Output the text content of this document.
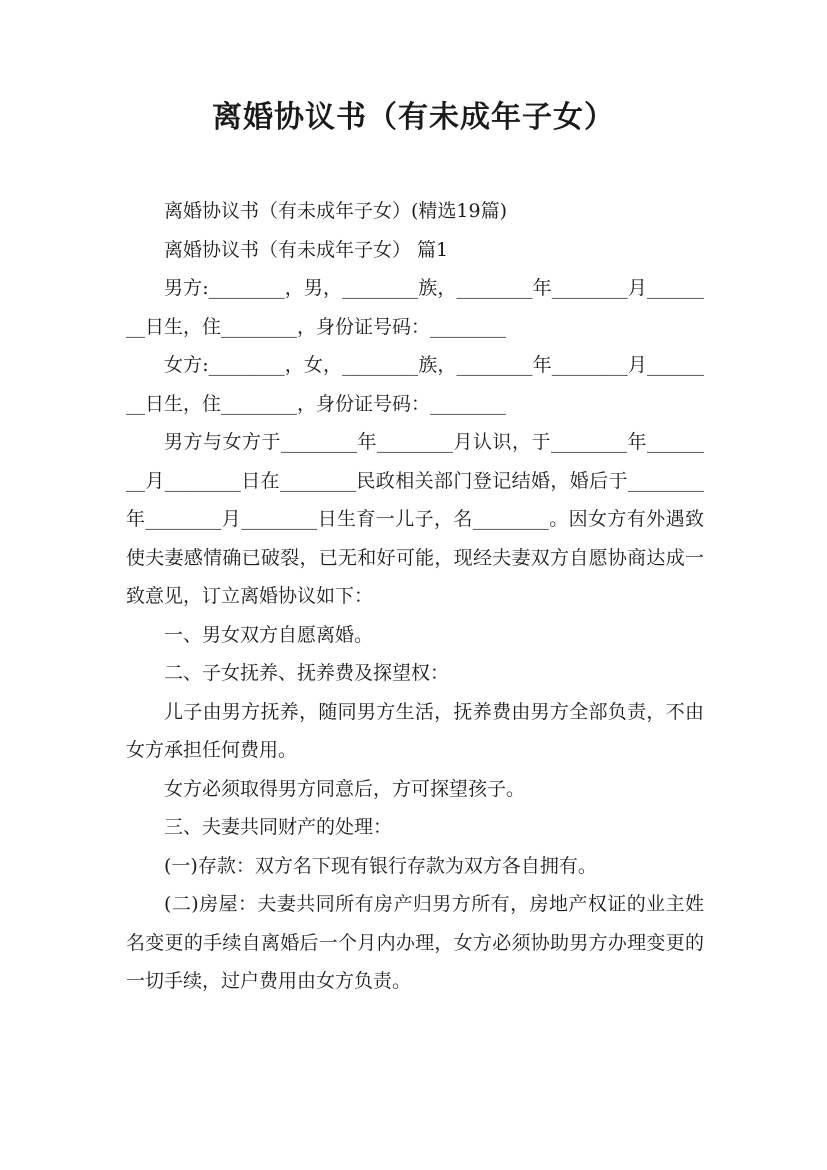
离婚协议书（有未成年子女）

离婚协议书（有未成年子女）(精选19篇)

离婚协议书（有未成年子女） 篇1

男方:________，男，________族，________年________月________日生，住________，身份证号码：________

女方:________，女，________族，________年________月________日生，住________，身份证号码：________

男方与女方于________年________月认识，于________年________月________日在________民政相关部门登记结婚，婚后于________年________月________日生育一儿子，名________。因女方有外遇致使夫妻感情确已破裂，已无和好可能，现经夫妻双方自愿协商达成一致意见，订立离婚协议如下：

一、男女双方自愿离婚。

二、子女抚养、抚养费及探望权：

儿子由男方抚养，随同男方生活，抚养费由男方全部负责，不由女方承担任何费用。

女方必须取得男方同意后，方可探望孩子。

三、夫妻共同财产的处理：

(一)存款：双方名下现有银行存款为双方各自拥有。

(二)房屋：夫妻共同所有房产归男方所有，房地产权证的业主姓名变更的手续自离婚后一个月内办理，女方必须协助男方办理变更的一切手续，过户费用由女方负责。
